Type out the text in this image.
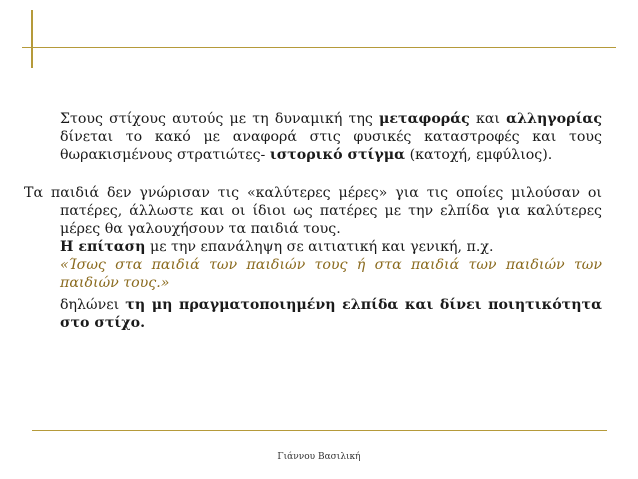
Στους στίχους αυτούς με τη δυναμική της μεταφοράς και αλληγορίας δίνεται το κακό με αναφορά στις φυσικές καταστροφές και τους θωρακισμένους στρατιώτες- ιστορικό στίγμα (κατοχή, εμφύλιος).
Τα παιδιά δεν γνώρισαν τις «καλύτερες μέρες» για τις οποίες μιλούσαν οι πατέρες, άλλωστε και οι ίδιοι ως πατέρες με την ελπίδα για καλύτερες μέρες θα γαλουχήσουν τα παιδιά τους.
Η επίταση με την επανάληψη σε αιτιατική και γενική, π.χ.
«Ίσως στα παιδιά των παιδιών τους ή στα παιδιά των παιδιών των παιδιών τους.»
δηλώνει τη μη πραγματοποιημένη ελπίδα και δίνει ποιητικότητα στο στίχο.
Γιάννου Βασιλική
